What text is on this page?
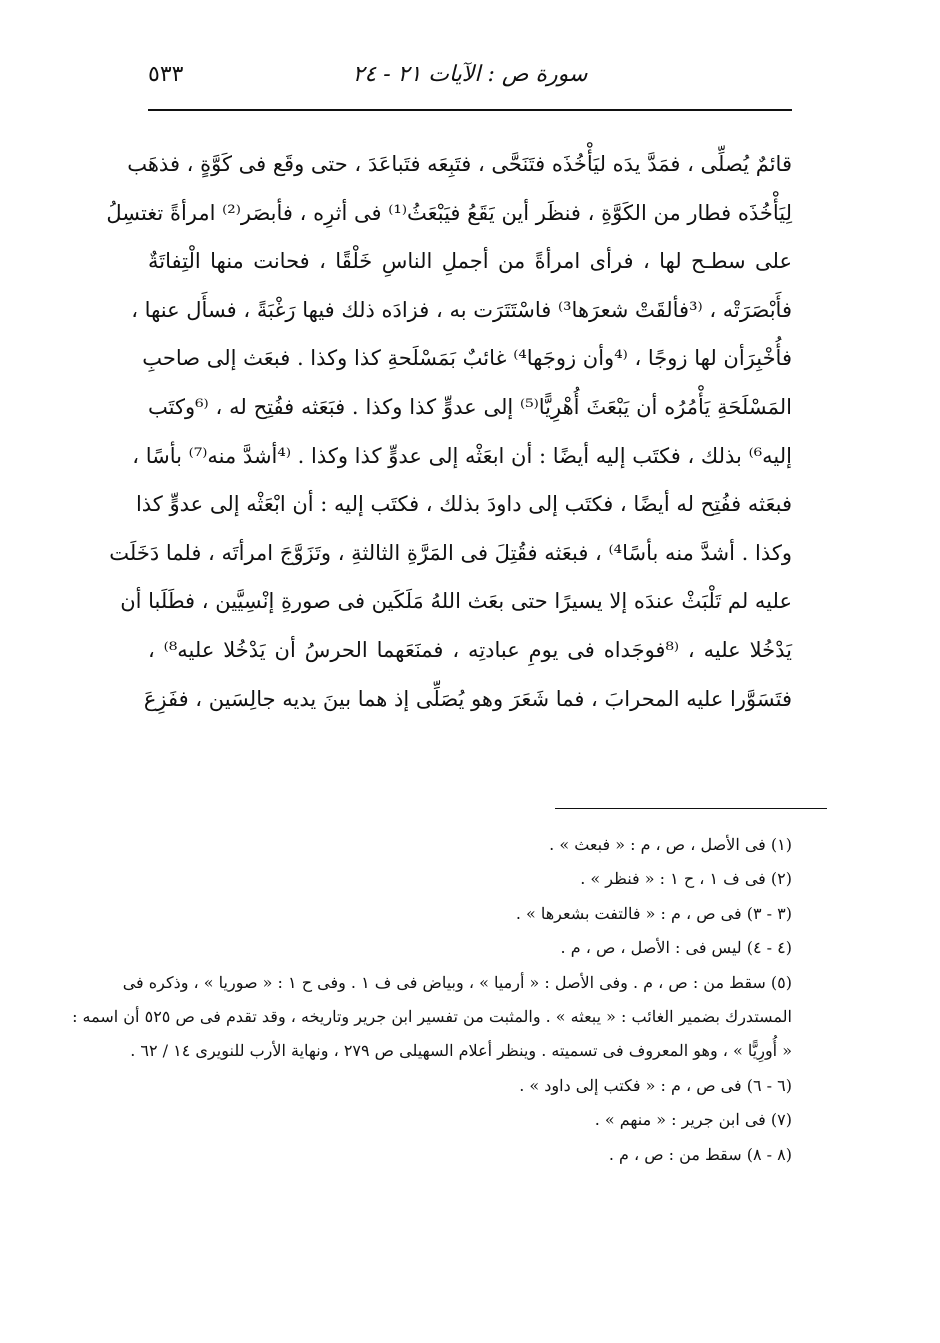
سورة ص : الآيات ٢١ - ٢٤
٥٣٣
قائمٌ يُصلِّى ، فمَدَّ يدَه ليَأْخُذَه فتَنَحَّى ، فتَبِعَه فتَباعَدَ ، حتى وقَع فى كَوَّةٍ ، فذهَب
لِيَأْخُذَه فطار من الكَوَّةِ ، فنظَر أين يَقَعُ فيَبْعَثُ⁽¹⁾ فى أثرِه ، فأبصَر⁽²⁾ امرأةً تغتسِلُ
على سطـح لها ، فرأى امرأةً من أجملِ الناسِ خَلْقًا ، فحانت منها الْتِفاتَةٌ
فأَبْصَرَتْه ، ⁽³فألقَتْ شعرَها³⁾ فاسْتَتَرَت به ، فزادَه ذلك فيها رَغْبَةً ، فسأَل عنها ،
فأُخْبِرَأن لها زوجًا ، ⁽⁴وأن زوجَها⁴⁾ غائبٌ بَمَسْلَحةِ كذا وكذا . فبعَث إلى صاحبِ
المَسْلَحَةِ يَأْمُرُه أن يَبْعَثَ أُهْرِيًّا⁽⁵⁾ إلى عدوٍّ كذا وكذا . فبَعَثه ففُتِح له ، ⁽⁶وكتَب
إليه⁶⁾ بذلك ، فكتَب إليه أيضًا : أن ابعَثْه إلى عدوٍّ كذا وكذا . ⁽⁴أشدَّ منه⁽⁷⁾ بأسًا ،
فبعَثه ففُتِح له أيضًا ، فكتَب إلى داودَ بذلك ، فكتَب إليه : أن ابْعَثْه إلى عدوٍّ كذا
وكذا . أشدَّ منه بأسًا⁴⁾ ، فبعَثه فقُتِلَ فى المَرَّةِ الثالثةِ ، وتَزَوَّجَ امرأتَه ، فلما دَخَلَت
عليه لم تَلْبَثْ عندَه إلا يسيرًا حتى بعَث اللهُ مَلَكَين فى صورةِ إنْسِيَّين ، فطَلَبا أن
يَدْخُلا عليه ، ⁽⁸فوجَداه فى يومِ عبادتِه ، فمنَعَهما الحرسُ أن يَدْخُلا عليه⁸⁾ ،
فتَسَوَّرا عليه المحرابَ ، فما شَعَرَ وهو يُصَلِّى إذ هما بينَ يديه جالِسَين ، ففَزِعَ
(١) فى الأصل ، ص ، م : « فبعث » .
(٢) فى ف ١ ، ح ١ : « فنظر » .
(٣ - ٣) فى ص ، م : « فالتفت بشعرها » .
(٤ - ٤) ليس فى : الأصل ، ص ، م .
(٥) سقط من : ص ، م . وفى الأصل : « أرميا » ، وبياض فى ف ١ . وفى ح ١ : « صوريا » ، وذكره فى
المستدرك بضمير الغائب : « يبعثه » . والمثبت من تفسير ابن جرير وتاريخه ، وقد تقدم فى ص ٥٢٥ أن اسمه :
« أُورِيًّا » ، وهو المعروف فى تسميته . وينظر أعلام السهيلى ص ٢٧٩ ، ونهاية الأرب للنويرى ١٤ / ٦٢ .
(٦ - ٦) فى ص ، م : « فكتب إلى داود » .
(٧) فى ابن جرير : « منهم » .
(٨ - ٨) سقط من : ص ، م .
